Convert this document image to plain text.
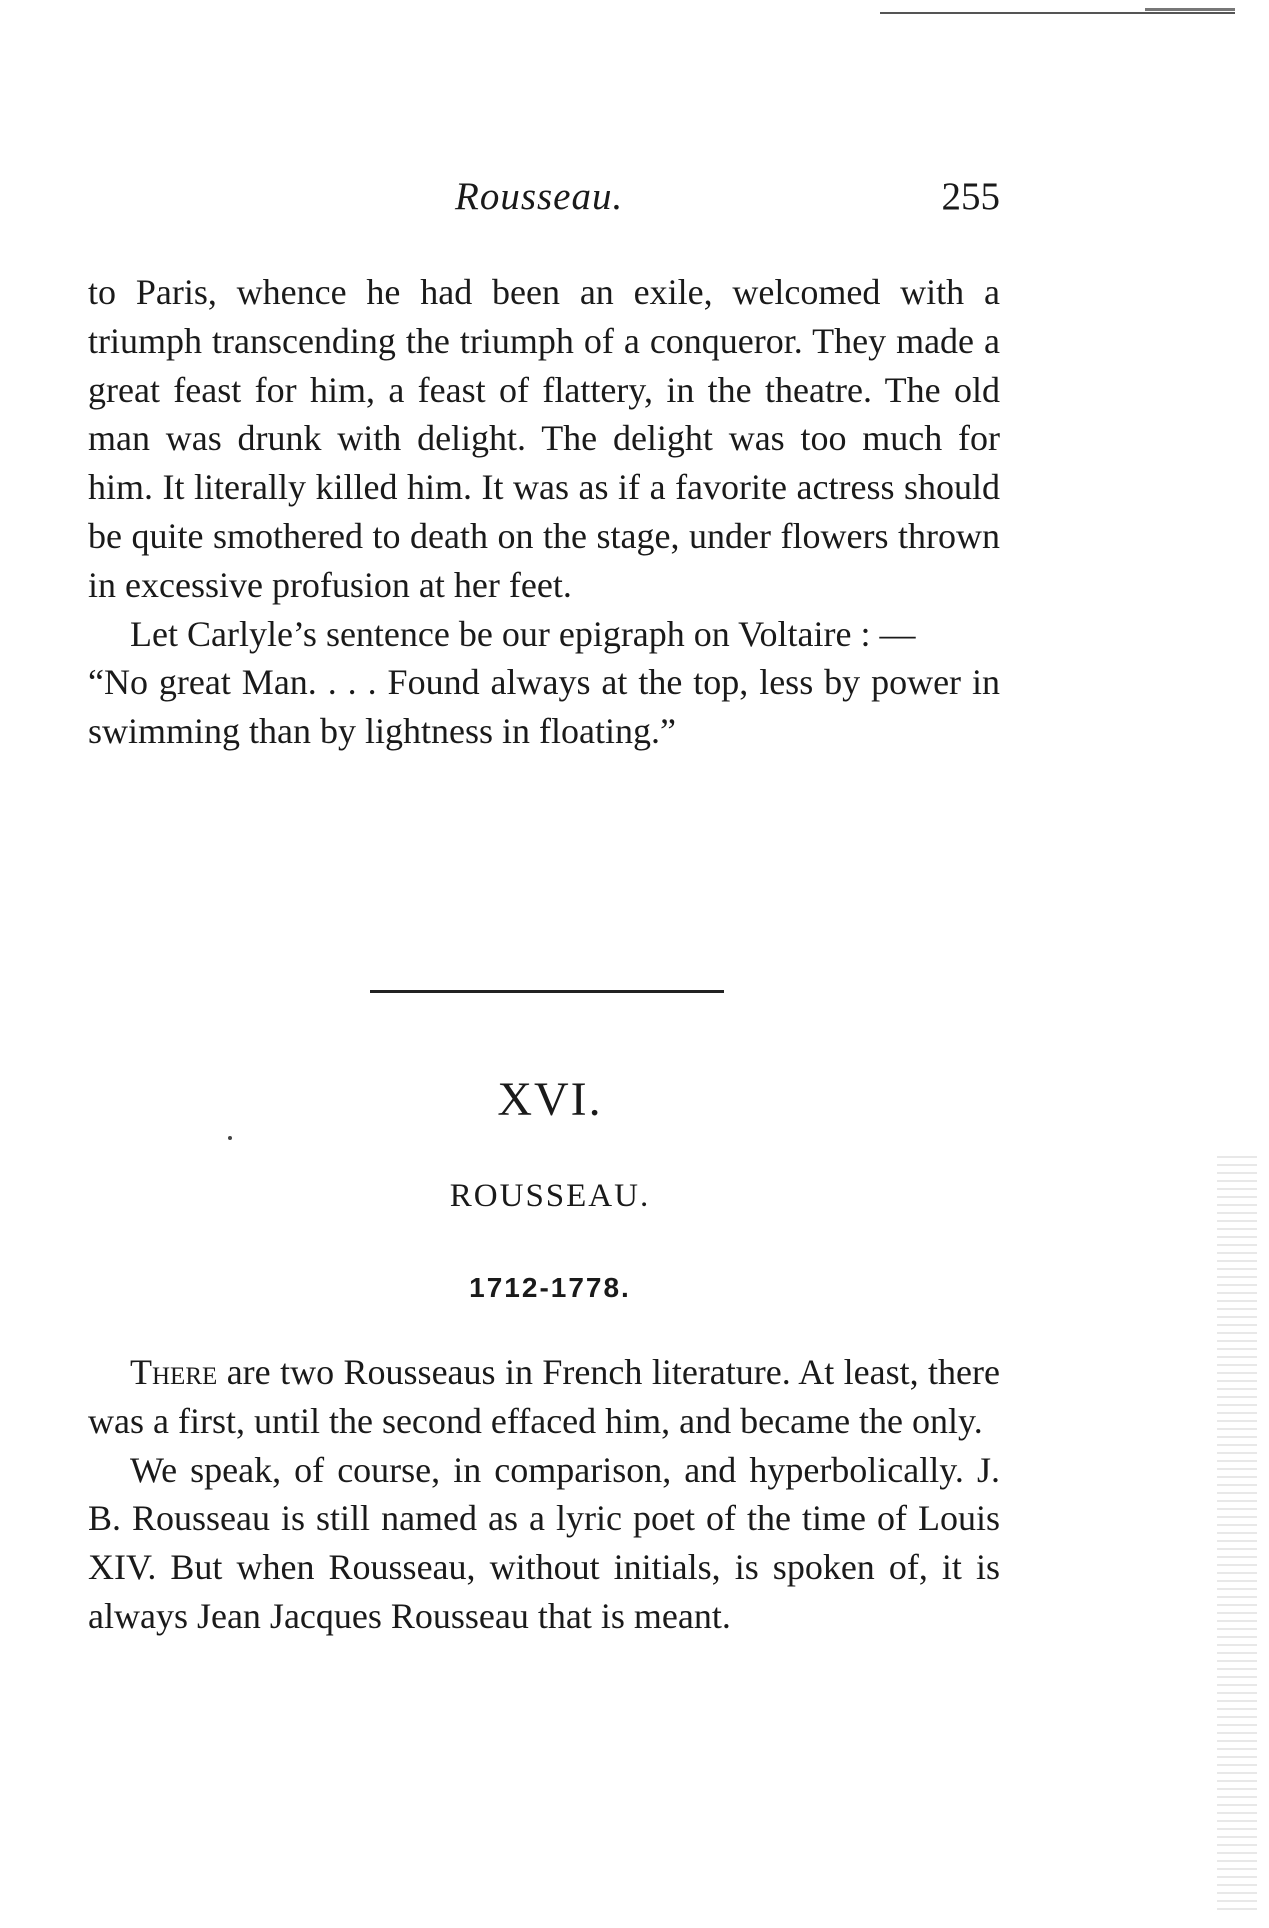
Rousseau.	255

to Paris, whence he had been an exile, welcomed with a triumph transcending the triumph of a conqueror. They made a great feast for him, a feast of flattery, in the theatre. The old man was drunk with delight. The delight was too much for him. It literally killed him. It was as if a favorite actress should be quite smothered to death on the stage, under flowers thrown in excessive profusion at her feet.

Let Carlyle’s sentence be our epigraph on Voltaire : —

“No great Man. . . . Found always at the top, less by power in swimming than by lightness in floating.”

XVI.
ROUSSEAU.
1712-1778.

There are two Rousseaus in French literature. At least, there was a first, until the second effaced him, and became the only.

We speak, of course, in comparison, and hyperbolically. J. B. Rousseau is still named as a lyric poet of the time of Louis XIV. But when Rousseau, without initials, is spoken of, it is always Jean Jacques Rousseau that is meant.
